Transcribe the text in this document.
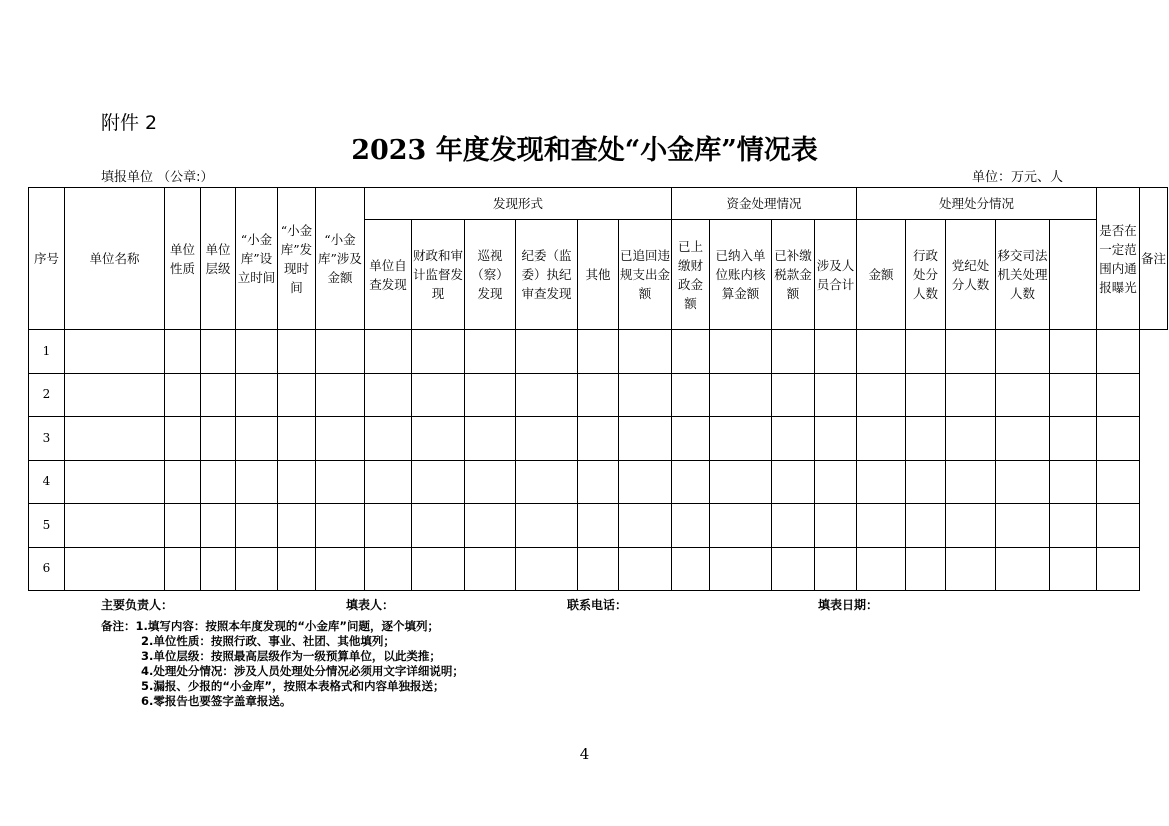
附件 2
2023 年度发现和查处“小金库”情况表
填报单位 （公章:）	单位：万元、人
序号	单位名称	单位性质	单位层级	“小金库”设立时间	“小金库”发现时间	“小金库”涉及金额	发现形式						资金处理情况				处理处分情况					是否在一定范围内通报曝光	备注
							单位自查发现	财政和审计监督发现	巡视（察）发现	纪委（监委）执纪审查发现	其他	已追回违规支出金额	已上缴财政金额	已纳入单位账内核算金额	已补缴税款金额	涉及人员合计	金额	行政处分人数	党纪处分人数	移交司法机关处理人数			
1																							
2																							
3																							
4																							
5																							
6																							
主要负责人：	填表人：	联系电话：	填表日期：
备注：1.填写内容：按照本年度发现的“小金库”问题，逐个填列；
2.单位性质：按照行政、事业、社团、其他填列；
3.单位层级：按照最高层级作为一级预算单位，以此类推；
4.处理处分情况：涉及人员处理处分情况必须用文字详细说明；
5.漏报、少报的“小金库”，按照本表格式和内容单独报送；
6.零报告也要签字盖章报送。
4
